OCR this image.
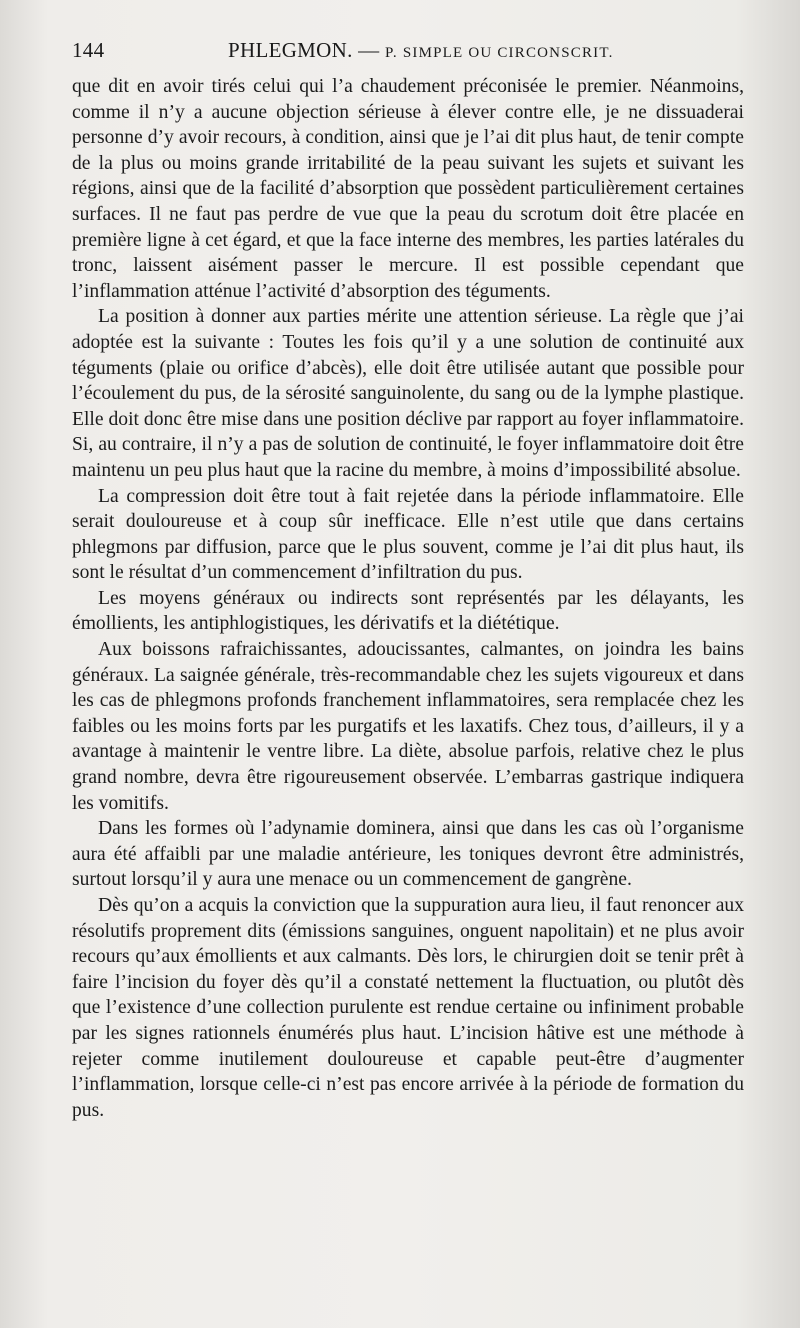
144	PHLEGMON. — P. SIMPLE OU CIRCONSCRIT.

que dit en avoir tirés celui qui l’a chaudement préconisée le premier. Néanmoins, comme il n’y a aucune objection sérieuse à élever contre elle, je ne dissuaderai personne d’y avoir recours, à condition, ainsi que je l’ai dit plus haut, de tenir compte de la plus ou moins grande irritabilité de la peau suivant les sujets et suivant les régions, ainsi que de la facilité d’absorption que possèdent particulièrement certaines surfaces. Il ne faut pas perdre de vue que la peau du scrotum doit être placée en première ligne à cet égard, et que la face interne des membres, les parties latérales du tronc, laissent aisément passer le mercure. Il est possible cependant que l’inflammation atténue l’activité d’absorption des téguments.

La position à donner aux parties mérite une attention sérieuse. La règle que j’ai adoptée est la suivante : Toutes les fois qu’il y a une solution de continuité aux téguments (plaie ou orifice d’abcès), elle doit être utilisée autant que possible pour l’écoulement du pus, de la sérosité sanguinolente, du sang ou de la lymphe plastique. Elle doit donc être mise dans une position déclive par rapport au foyer inflammatoire. Si, au contraire, il n’y a pas de solution de continuité, le foyer inflammatoire doit être maintenu un peu plus haut que la racine du membre, à moins d’impossibilité absolue.

La compression doit être tout à fait rejetée dans la période inflammatoire. Elle serait douloureuse et à coup sûr inefficace. Elle n’est utile que dans certains phlegmons par diffusion, parce que le plus souvent, comme je l’ai dit plus haut, ils sont le résultat d’un commencement d’infiltration du pus.

Les moyens généraux ou indirects sont représentés par les délayants, les émollients, les antiphlogistiques, les dérivatifs et la diététique.

Aux boissons rafraichissantes, adoucissantes, calmantes, on joindra les bains généraux. La saignée générale, très-recommandable chez les sujets vigoureux et dans les cas de phlegmons profonds franchement inflammatoires, sera remplacée chez les faibles ou les moins forts par les purgatifs et les laxatifs. Chez tous, d’ailleurs, il y a avantage à maintenir le ventre libre. La diète, absolue parfois, relative chez le plus grand nombre, devra être rigoureusement observée. L’embarras gastrique indiquera les vomitifs.

Dans les formes où l’adynamie dominera, ainsi que dans les cas où l’organisme aura été affaibli par une maladie antérieure, les toniques devront être administrés, surtout lorsqu’il y aura une menace ou un commencement de gangrène.

Dès qu’on a acquis la conviction que la suppuration aura lieu, il faut renoncer aux résolutifs proprement dits (émissions sanguines, onguent napolitain) et ne plus avoir recours qu’aux émollients et aux calmants. Dès lors, le chirurgien doit se tenir prêt à faire l’incision du foyer dès qu’il a constaté nettement la fluctuation, ou plutôt dès que l’existence d’une collection purulente est rendue certaine ou infiniment probable par les signes rationnels énumérés plus haut. L’incision hâtive est une méthode à rejeter comme inutilement douloureuse et capable peut-être d’augmenter l’inflammation, lorsque celle-ci n’est pas encore arrivée à la période de formation du pus.
